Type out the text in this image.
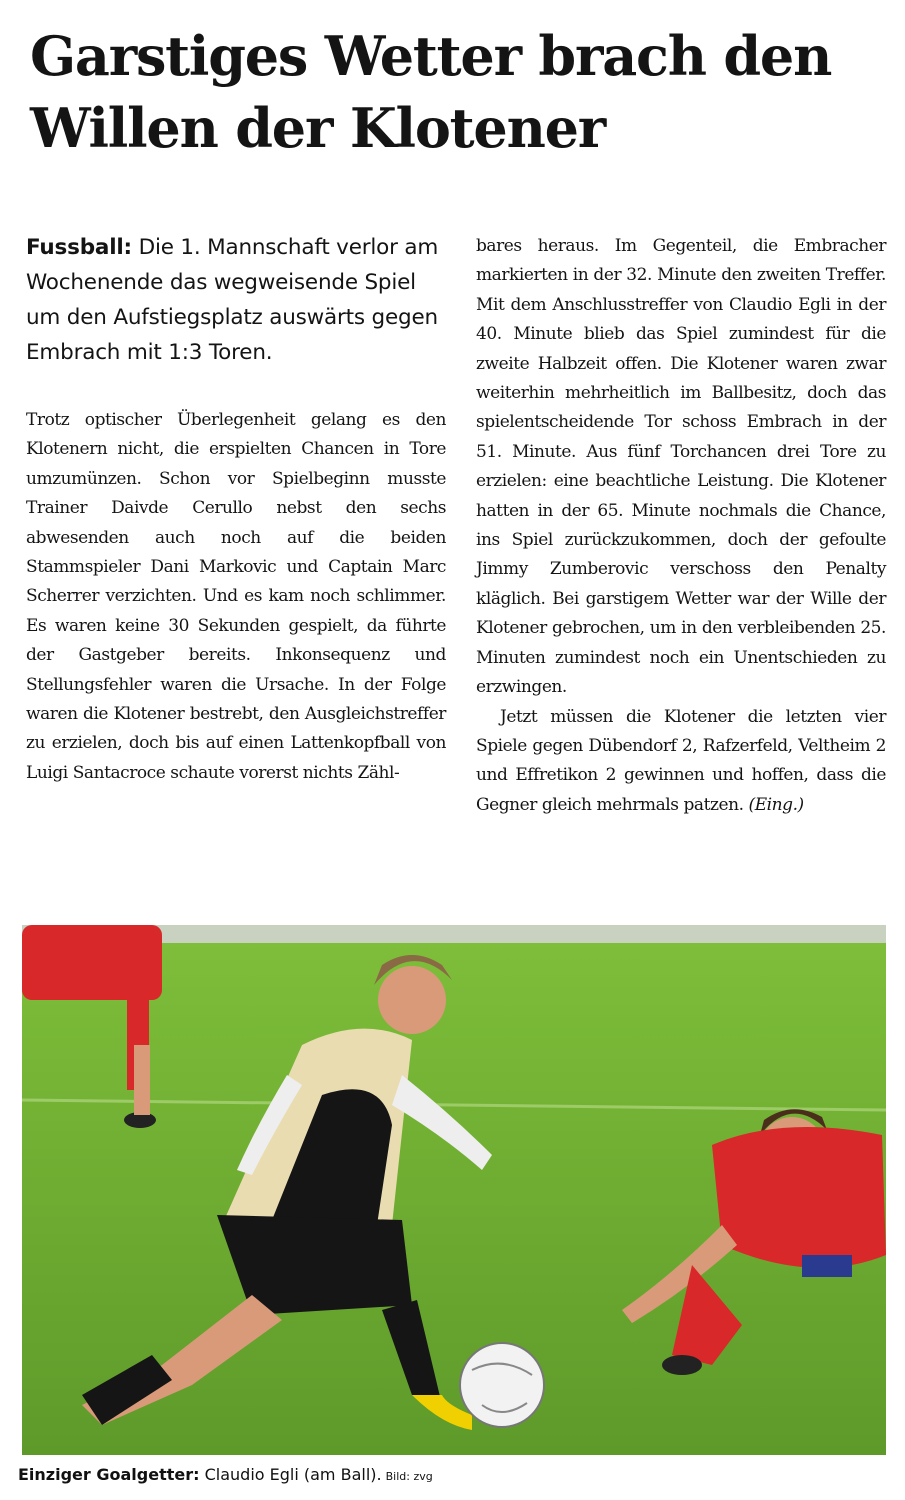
Garstiges Wetter brach den Willen der Klotener

Fussball: Die 1. Mannschaft verlor am Wochenende das wegweisende Spiel um den Aufstiegsplatz auswärts gegen Embrach mit 1:3 Toren.

Trotz optischer Überlegenheit gelang es den Klotenern nicht, die erspielten Chancen in Tore umzumünzen. Schon vor Spielbeginn musste Trainer Daivde Cerullo nebst den sechs abwesenden auch noch auf die beiden Stammspieler Dani Markovic und Captain Marc Scherrer verzichten. Und es kam noch schlimmer. Es waren keine 30 Sekunden gespielt, da führte der Gastgeber bereits. Inkonsequenz und Stellungsfehler waren die Ursache. In der Folge waren die Klotener bestrebt, den Ausgleichstreffer zu erzielen, doch bis auf einen Lattenkopfball von Luigi Santacroce schaute vorerst nichts Zähl-

bares heraus. Im Gegenteil, die Embracher markierten in der 32. Minute den zweiten Treffer. Mit dem Anschlusstreffer von Claudio Egli in der 40. Minute blieb das Spiel zumindest für die zweite Halbzeit offen. Die Klotener waren zwar weiterhin mehrheitlich im Ballbesitz, doch das spielentscheidende Tor schoss Embrach in der 51. Minute. Aus fünf Torchancen drei Tore zu erzielen: eine beachtliche Leistung. Die Klotener hatten in der 65. Minute nochmals die Chance, ins Spiel zurückzukommen, doch der gefoulte Jimmy Zumberovic verschoss den Penalty kläglich. Bei garstigem Wetter war der Wille der Klotener gebrochen, um in den verbleibenden 25. Minuten zumindest noch ein Unentschieden zu erzwingen.

Jetzt müssen die Klotener die letzten vier Spiele gegen Dübendorf 2, Rafzerfeld, Veltheim 2 und Effretikon 2 gewinnen und hoffen, dass die Gegner gleich mehrmals patzen. (Eing.)

Einziger Goalgetter: Claudio Egli (am Ball). Bild: zvg
